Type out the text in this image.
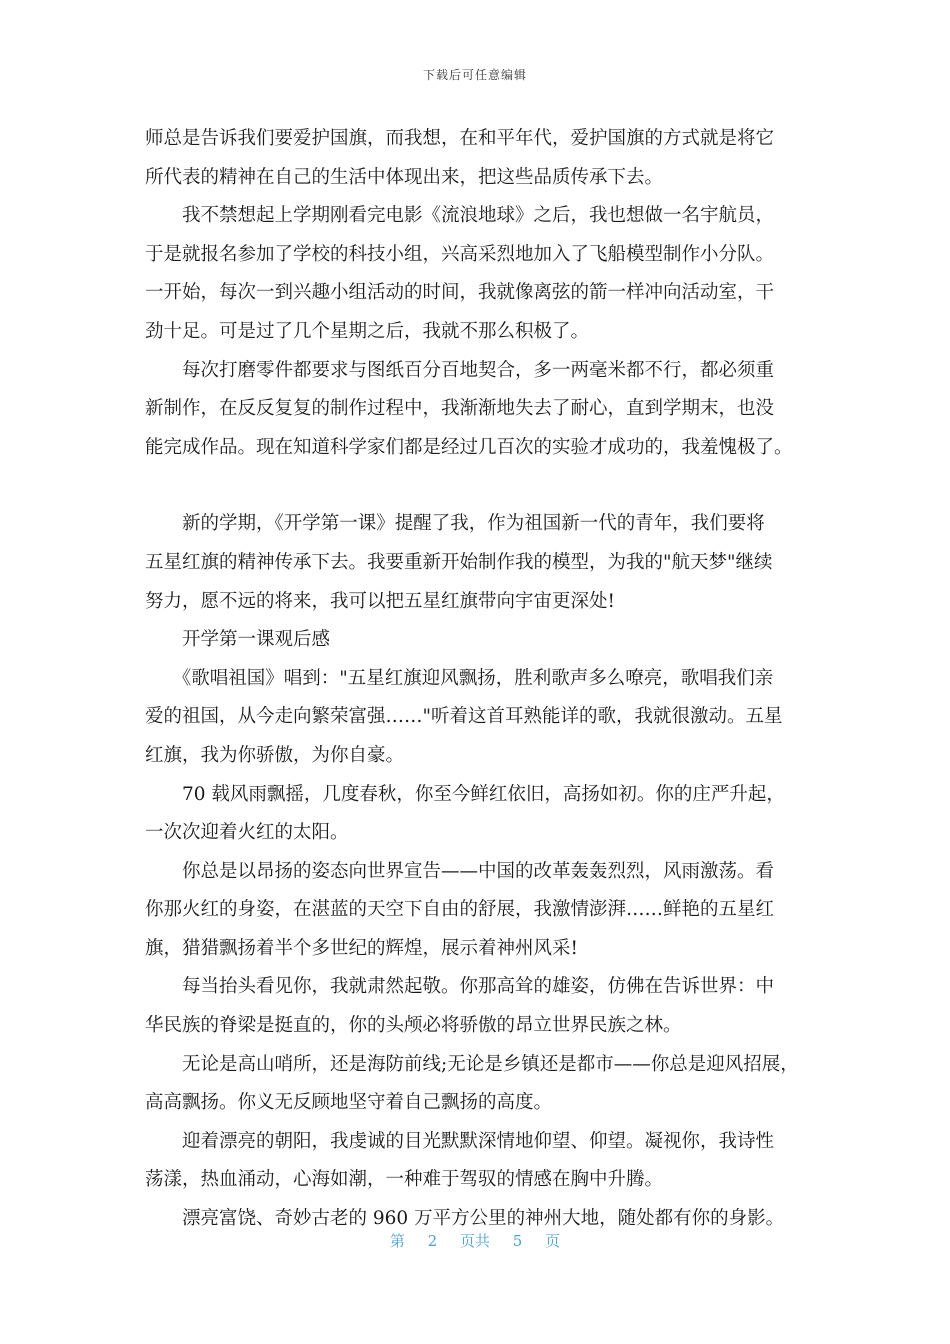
下载后可任意编辑
师总是告诉我们要爱护国旗，而我想，在和平年代，爱护国旗的方式就是将它
所代表的精神在自己的生活中体现出来，把这些品质传承下去。
　　我不禁想起上学期刚看完电影《流浪地球》之后，我也想做一名宇航员，
于是就报名参加了学校的科技小组，兴高采烈地加入了飞船模型制作小分队。
一开始，每次一到兴趣小组活动的时间，我就像离弦的箭一样冲向活动室，干
劲十足。可是过了几个星期之后，我就不那么积极了。
　　每次打磨零件都要求与图纸百分百地契合，多一两毫米都不行，都必须重
新制作，在反反复复的制作过程中，我渐渐地失去了耐心，直到学期末，也没
能完成作品。现在知道科学家们都是经过几百次的实验才成功的，我羞愧极了。
　　新的学期，《开学第一课》提醒了我，作为祖国新一代的青年，我们要将
五星红旗的精神传承下去。我要重新开始制作我的模型，为我的"航天梦"继续
努力，愿不远的将来，我可以把五星红旗带向宇宙更深处!
　　开学第一课观后感
　　《歌唱祖国》唱到："五星红旗迎风飘扬，胜利歌声多么嘹亮，歌唱我们亲
爱的祖国，从今走向繁荣富强……"听着这首耳熟能详的歌，我就很激动。五星
红旗，我为你骄傲，为你自豪。
　　70 载风雨飘摇，几度春秋，你至今鲜红依旧，高扬如初。你的庄严升起，
一次次迎着火红的太阳。
　　你总是以昂扬的姿态向世界宣告——中国的改革轰轰烈烈，风雨激荡。看
你那火红的身姿，在湛蓝的天空下自由的舒展，我激情澎湃……鲜艳的五星红
旗，猎猎飘扬着半个多世纪的辉煌，展示着神州风采!
　　每当抬头看见你，我就肃然起敬。你那高耸的雄姿，仿佛在告诉世界：中
华民族的脊梁是挺直的，你的头颅必将骄傲的昂立世界民族之林。
　　无论是高山哨所，还是海防前线;无论是乡镇还是都市——你总是迎风招展，
高高飘扬。你义无反顾地坚守着自己飘扬的高度。
　　迎着漂亮的朝阳，我虔诚的目光默默深情地仰望、仰望。凝视你，我诗性
荡漾，热血涌动，心海如潮，一种难于驾驭的情感在胸中升腾。
　　漂亮富饶、奇妙古老的 960 万平方公里的神州大地，随处都有你的身影。
第 2 页共 5 页
